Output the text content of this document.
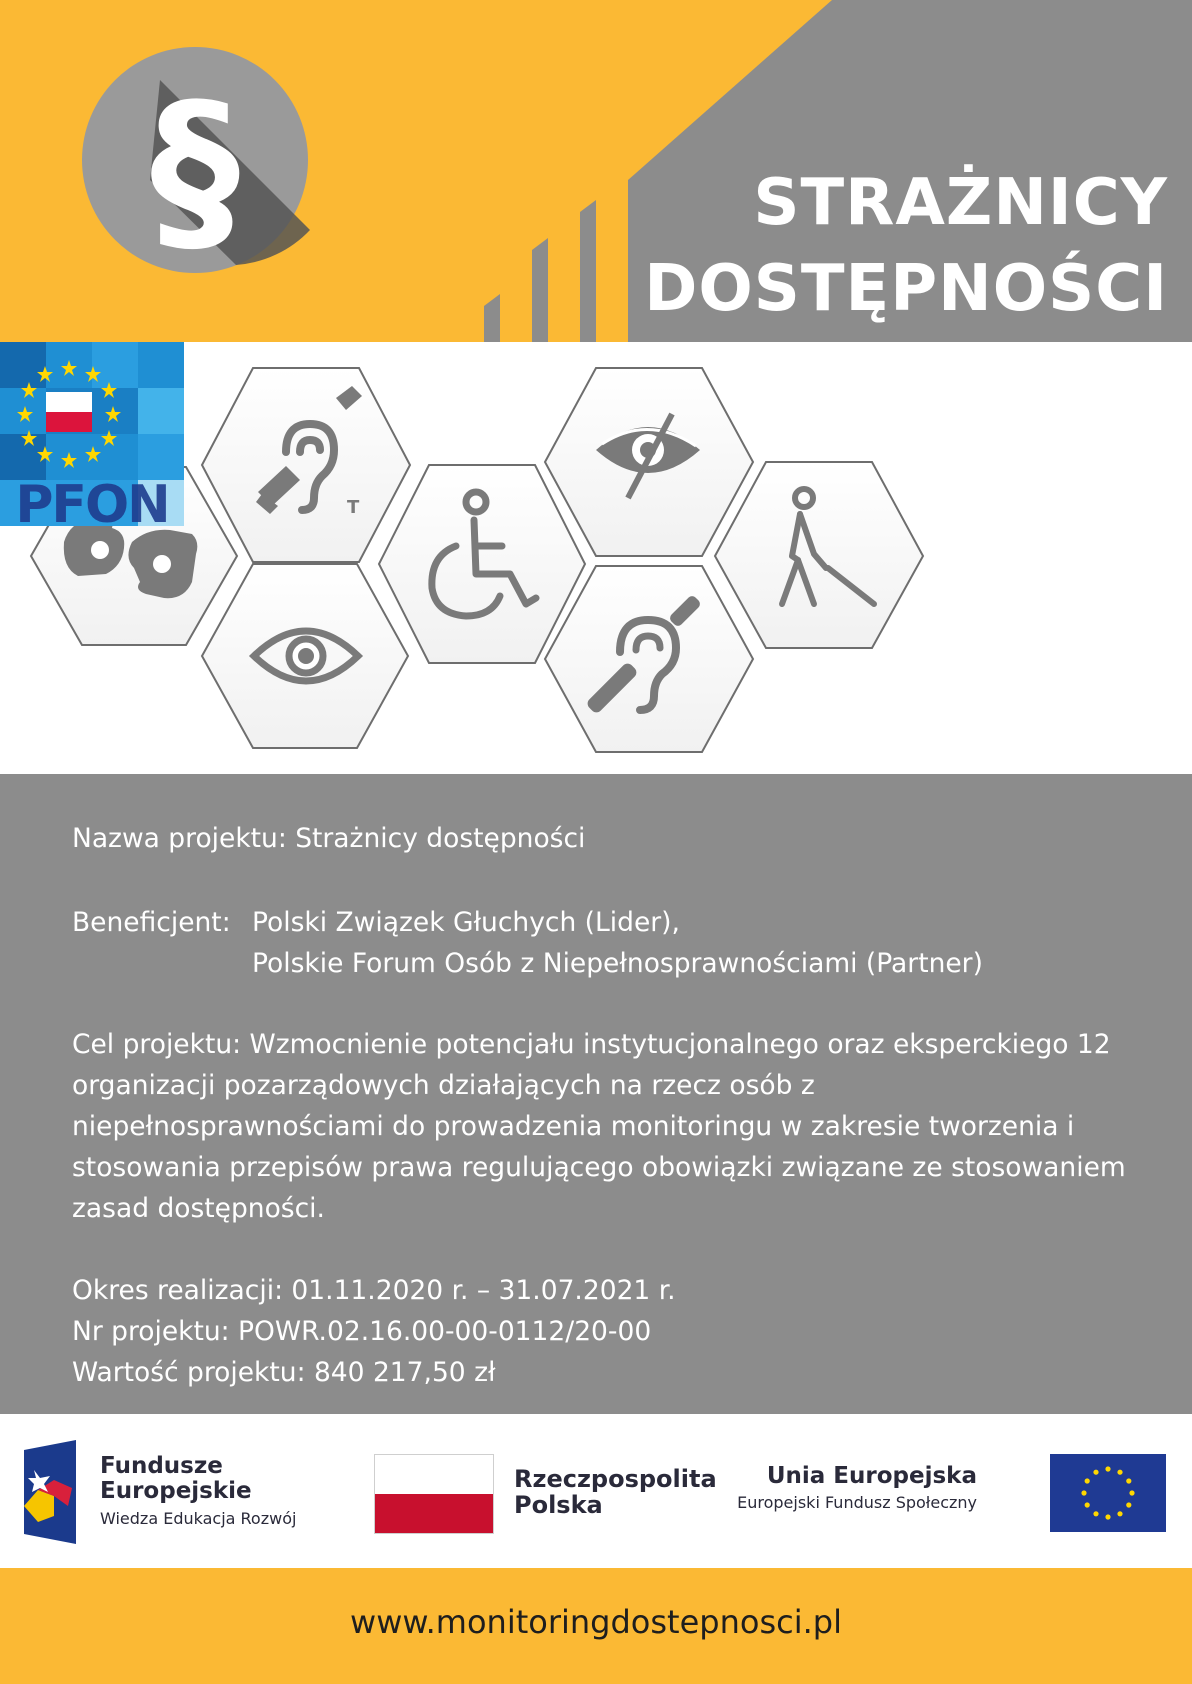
§	STRAŻNICY
DOSTĘPNOŚCI
T
PFON

Nazwa projektu: Strażnicy dostępności

Beneficjent: Polski Związek Głuchych (Lider),
Polskie Forum Osób z Niepełnosprawnościami (Partner)

Cel projektu: Wzmocnienie potencjału instytucjonalnego oraz eksperckiego 12 organizacji pozarządowych działających na rzecz osób z niepełnosprawnościami do prowadzenia monitoringu w zakresie tworzenia i stosowania przepisów prawa regulującego obowiązki związane ze stosowaniem zasad dostępności.

Okres realizacji: 01.11.2020 r. – 31.07.2021 r.
Nr projektu: POWR.02.16.00-00-0112/20-00
Wartość projektu: 840 217,50 zł

Fundusze
Europejskie
Wiedza Edukacja Rozwój
Rzeczpospolita
Polska
Unia Europejska
Europejski Fundusz Społeczny
www.monitoringdostepnosci.pl
